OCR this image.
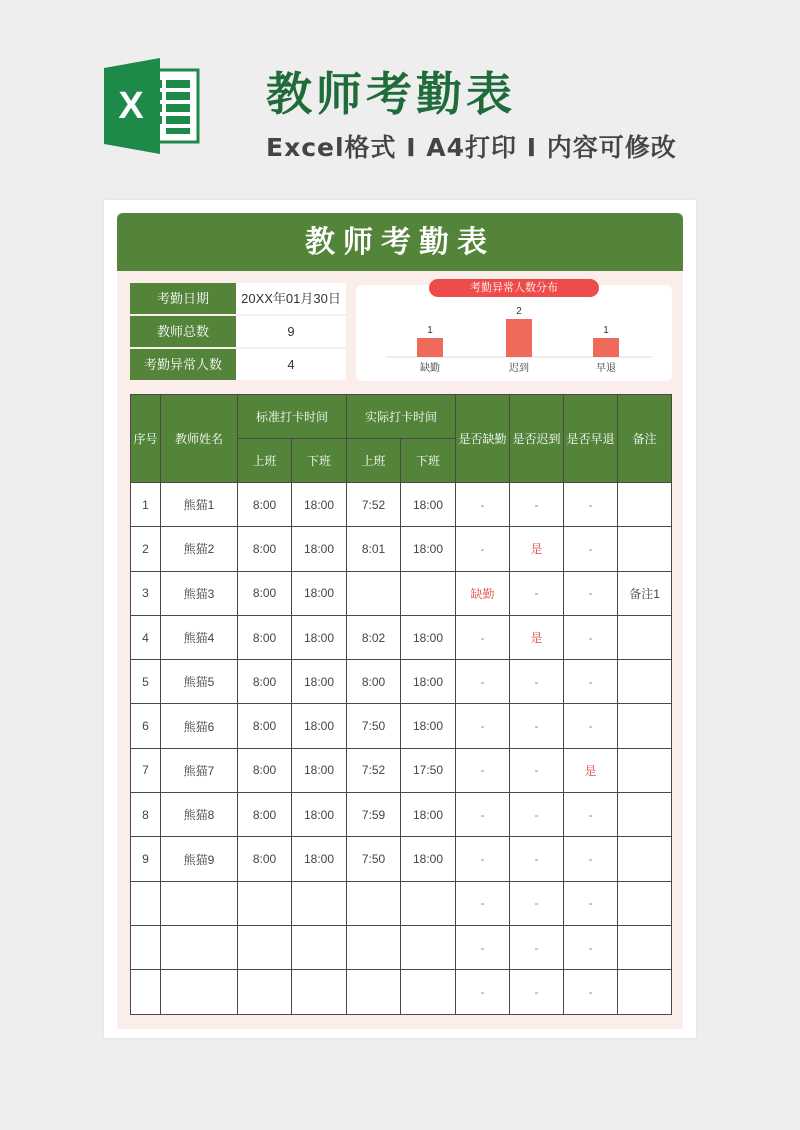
X	教师考勤表
Excel格式 Ι A4打印 Ι 内容可修改
教师考勤表
考勤日期	20XX年01月30日
教师总数	9
考勤异常人数	4
1
缺勤
2
迟到
1
早退
考勤异常人数分布
序号	教师姓名	标准打卡时间		实际打卡时间		是否缺勤	是否迟到	是否早退	备注
		上班	下班	上班	下班				
1	熊猫1	8:00	18:00	7:52	18:00	-	-	-	
2	熊猫2	8:00	18:00	8:01	18:00	-	是	-	
3	熊猫3	8:00	18:00			缺勤	-	-	备注1
4	熊猫4	8:00	18:00	8:02	18:00	-	是	-	
5	熊猫5	8:00	18:00	8:00	18:00	-	-	-	
6	熊猫6	8:00	18:00	7:50	18:00	-	-	-	
7	熊猫7	8:00	18:00	7:52	17:50	-	-	是	
8	熊猫8	8:00	18:00	7:59	18:00	-	-	-	
9	熊猫9	8:00	18:00	7:50	18:00	-	-	-	
						-	-	-	
						-	-	-	
						-	-	-	
